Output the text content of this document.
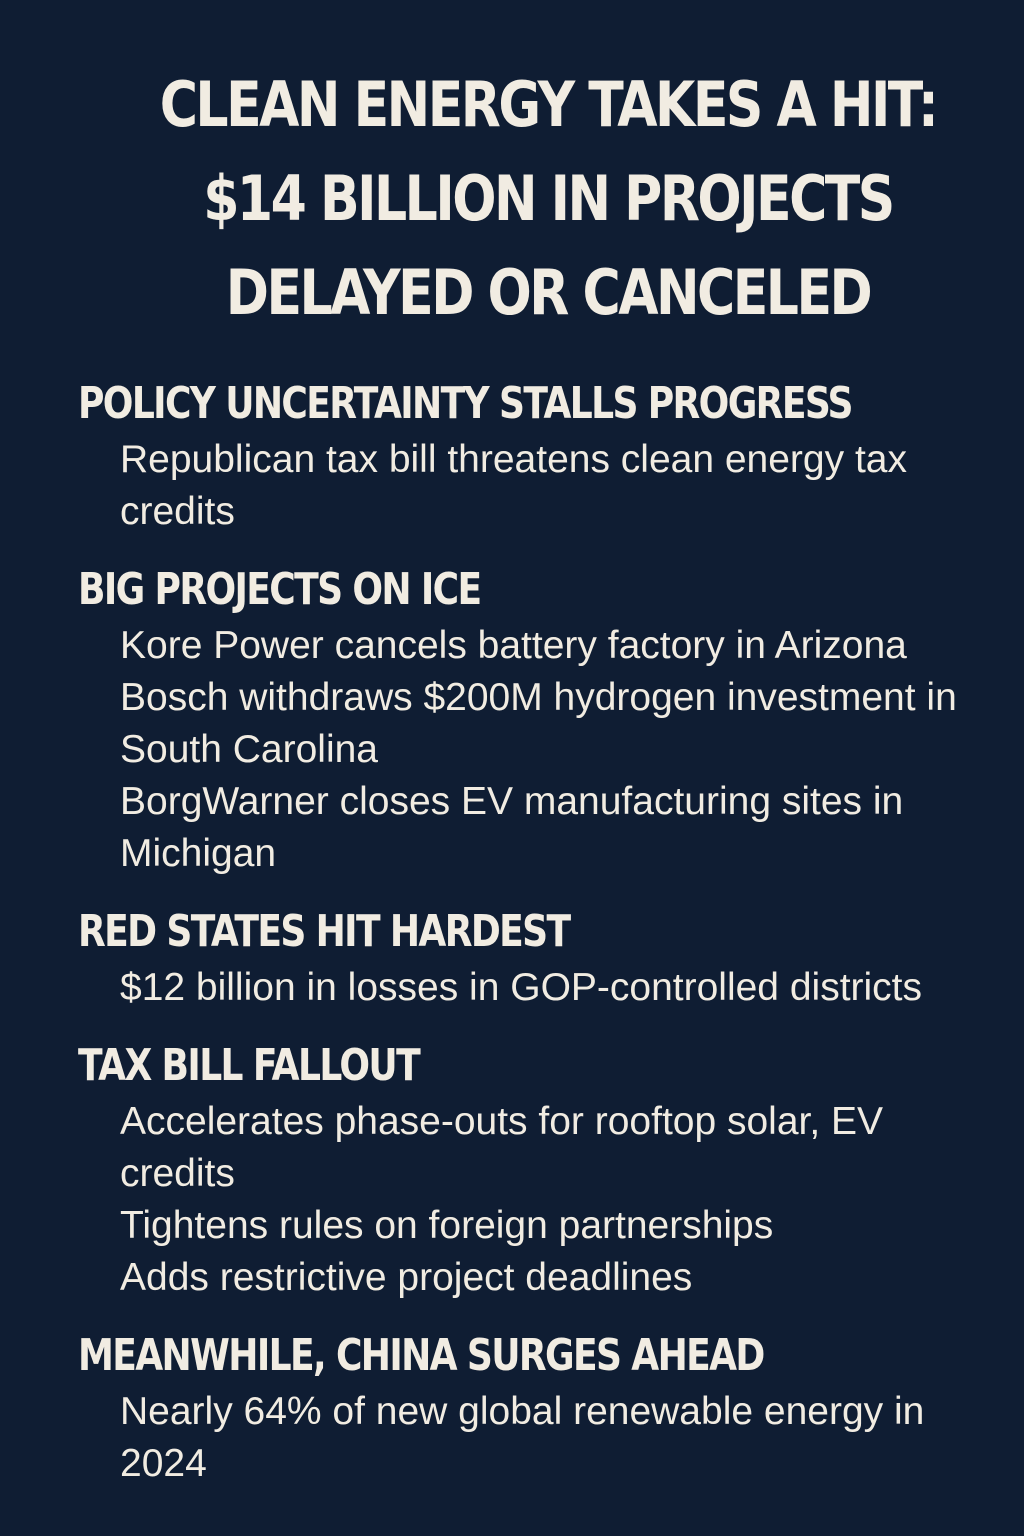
CLEAN ENERGY TAKES A HIT:
$14 BILLION IN PROJECTS
DELAYED OR CANCELED
POLICY UNCERTAINTY STALLS PROGRESS
Republican tax bill threatens clean energy tax credits
BIG PROJECTS ON ICE
Kore Power cancels battery factory in Arizona
Bosch withdraws $200M hydrogen investment in South Carolina
BorgWarner closes EV manufacturing sites in Michigan
RED STATES HIT HARDEST
$12 billion in losses in GOP-controlled districts
TAX BILL FALLOUT
Accelerates phase-outs for rooftop solar, EV credits
Tightens rules on foreign partnerships
Adds restrictive project deadlines
MEANWHILE, CHINA SURGES AHEAD
Nearly 64% of new global renewable energy in 2024
